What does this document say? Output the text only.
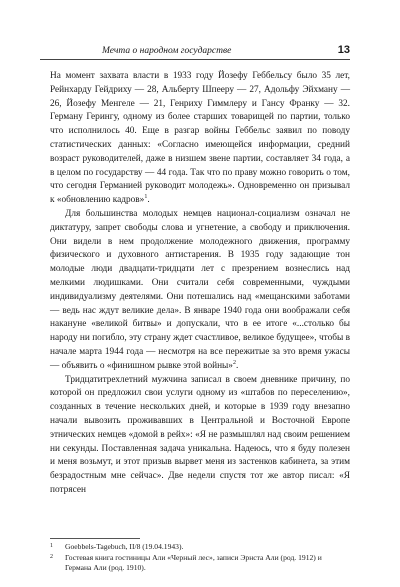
Мечта о народном государстве	13

На момент захвата власти в 1933 году Йозефу Геббельсу было 35 лет, Рейнхарду Гейдриху — 28, Альберту Шпееру — 27, Адольфу Эйхману — 26, Йозефу Менгеле — 21, Генриху Гиммлеру и Гансу Франку — 32. Герману Герингу, одному из более старших товарищей по партии, только что исполнилось 40. Еще в разгар войны Геббельс заявил по поводу статистических данных: «Согласно имеющейся информации, средний возраст руководителей, даже в низшем звене партии, составляет 34 года, а в целом по государству — 44 года. Так что по праву можно говорить о том, что сегодня Германией руководит молодежь». Одновременно он призывал к «обновлению кадров»$^1$.

Для большинства молодых немцев национал-социализм означал не диктатуру, запрет свободы слова и угнетение, а свободу и приключения. Они видели в нем продолжение молодежного движения, программу физического и духовного антистарения. В 1935 году задающие тон молодые люди двадцати-тридцати лет с презрением вознеслись над мелкими людишками. Они считали себя современными, чуждыми индивидуализму деятелями. Они потешались над «мещанскими заботами — ведь нас ждут великие дела». В январе 1940 года они воображали себя накануне «великой битвы» и допускали, что в ее итоге «...столько бы народу ни погибло, эту страну ждет счастливое, великое будущее», чтобы в начале марта 1944 года — несмотря на все пережитые за это время ужасы — объявить о «финишном рывке этой войны»$^2$.

Тридцатитрехлетний мужчина записал в своем дневнике причину, по которой он предложил свои услуги одному из «штабов по переселению», созданных в течение нескольких дней, и которые в 1939 году внезапно начали вывозить проживавших в Центральной и Восточной Европе этнических немцев «домой в рейх»: «Я не размышлял над своим решением ни секунды. Поставленная задача уникальна. Надеюсь, что я буду полезен и меня возьмут, и этот призыв вырвет меня из застенков кабинета, за этим безрадостным мне сейчас». Две недели спустя тот же автор писал: «Я потрясен

1 Goebbels-Tagebuch, II/8 (19.04.1943).
2 Гостевая книга гостиницы Али «Черный лес», записи Эрнста Али (род. 1912) и Германа Али (род. 1910).
